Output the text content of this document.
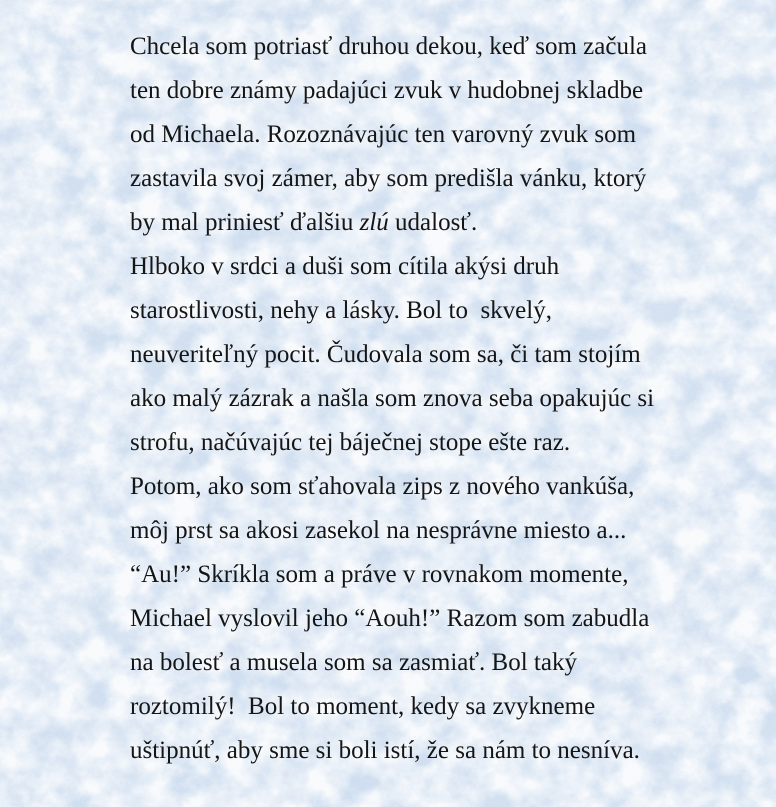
Chcela som potriasť druhou dekou, keď som začula
ten dobre známy padajúci zvuk v hudobnej skladbe
od Michaela. Rozoznávajúc ten varovný zvuk som
zastavila svoj zámer, aby som predišla vánku, ktorý
by mal priniesť ďalšiu zlú udalosť.
Hlboko v srdci a duši som cítila akýsi druh
starostlivosti, nehy a lásky. Bol to  skvelý,
neuveriteľný pocit. Čudovala som sa, či tam stojím
ako malý zázrak a našla som znova seba opakujúc si
strofu, načúvajúc tej báječnej stope ešte raz.
Potom, ako som sťahovala zips z nového vankúša,
môj prst sa akosi zasekol na nesprávne miesto a...
“Au!” Skríkla som a práve v rovnakom momente,
Michael vyslovil jeho “Aouh!” Razom som zabudla
na bolesť a musela som sa zasmiať. Bol taký
roztomilý!  Bol to moment, kedy sa zvykneme
uštipnúť, aby sme si boli istí, že sa nám to nesníva.
